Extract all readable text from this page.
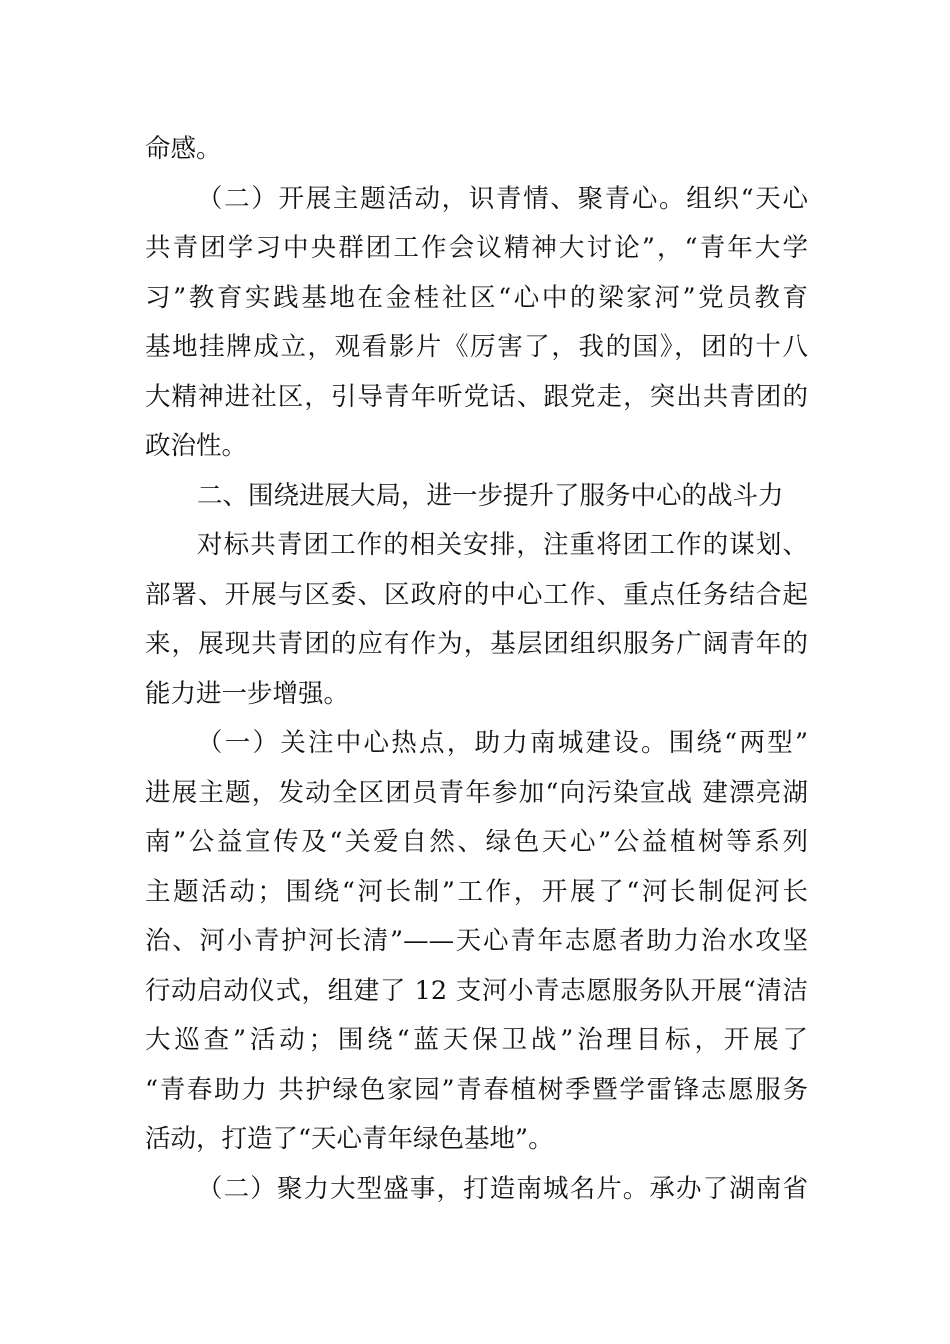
命感。
（二）开展主题活动，识青情、聚青心。组织“天心
共青团学习中央群团工作会议精神大讨论”，“青年大学
习”教育实践基地在金桂社区“心中的梁家河”党员教育
基地挂牌成立，观看影片《厉害了，我的国》，团的十八
大精神进社区，引导青年听党话、跟党走，突出共青团的
政治性。
二、围绕进展大局，进一步提升了服务中心的战斗力
对标共青团工作的相关安排，注重将团工作的谋划、
部署、开展与区委、区政府的中心工作、重点任务结合起
来，展现共青团的应有作为，基层团组织服务广阔青年的
能力进一步增强。
（一）关注中心热点，助力南城建设。围绕“两型”
进展主题，发动全区团员青年参加“向污染宣战 建漂亮湖
南”公益宣传及“关爱自然、绿色天心”公益植树等系列
主题活动；围绕“河长制”工作，开展了“河长制促河长
治、河小青护河长清”——天心青年志愿者助力治水攻坚
行动启动仪式，组建了 12 支河小青志愿服务队开展“清洁
大巡查”活动；围绕“蓝天保卫战”治理目标，开展了
“青春助力 共护绿色家园”青春植树季暨学雷锋志愿服务
活动，打造了“天心青年绿色基地”。
（二）聚力大型盛事，打造南城名片。承办了湖南省
